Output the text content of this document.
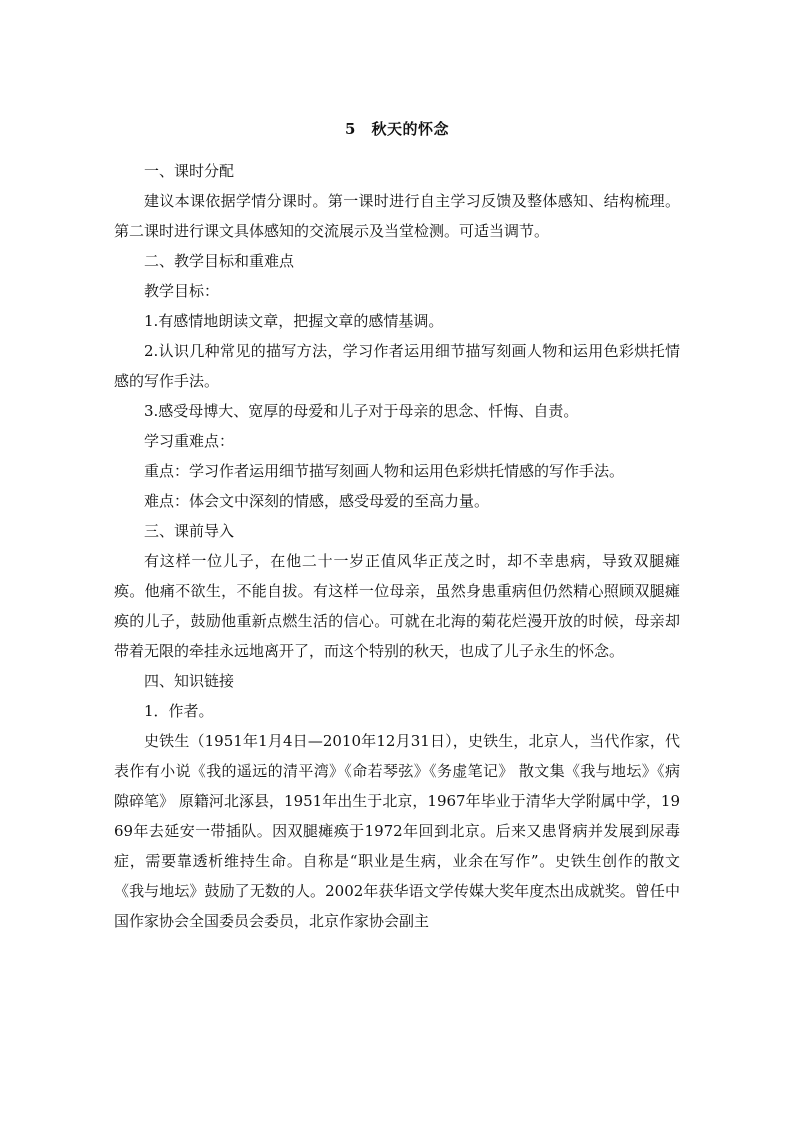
5　秋天的怀念

一、课时分配

建议本课依据学情分课时。第一课时进行自主学习反馈及整体感知、结构梳理。第二课时进行课文具体感知的交流展示及当堂检测。可适当调节。

二、教学目标和重难点

教学目标：

1.有感情地朗读文章，把握文章的感情基调。

2.认识几种常见的描写方法，学习作者运用细节描写刻画人物和运用色彩烘托情感的写作手法。

3.感受母博大、宽厚的母爱和儿子对于母亲的思念、忏悔、自责。

学习重难点：

重点：学习作者运用细节描写刻画人物和运用色彩烘托情感的写作手法。

难点：体会文中深刻的情感，感受母爱的至高力量。

三、课前导入

有这样一位儿子，在他二十一岁正值风华正茂之时，却不幸患病，导致双腿瘫痪。他痛不欲生，不能自拔。有这样一位母亲，虽然身患重病但仍然精心照顾双腿瘫痪的儿子，鼓励他重新点燃生活的信心。可就在北海的菊花烂漫开放的时候，母亲却带着无限的牵挂永远地离开了，而这个特别的秋天，也成了儿子永生的怀念。

四、知识链接

1．作者。

史铁生（1951年1月4日—2010年12月31日），史铁生，北京人，当代作家，代表作有小说《我的遥远的清平湾》《命若琴弦》《务虚笔记》 散文集《我与地坛》《病隙碎笔》 原籍河北涿县，1951年出生于北京，1967年毕业于清华大学附属中学，1969年去延安一带插队。因双腿瘫痪于1972年回到北京。后来又患肾病并发展到尿毒症，需要靠透析维持生命。自称是“职业是生病，业余在写作”。史铁生创作的散文《我与地坛》鼓励了无数的人。2002年获华语文学传媒大奖年度杰出成就奖。曾任中国作家协会全国委员会委员，北京作家协会副主
